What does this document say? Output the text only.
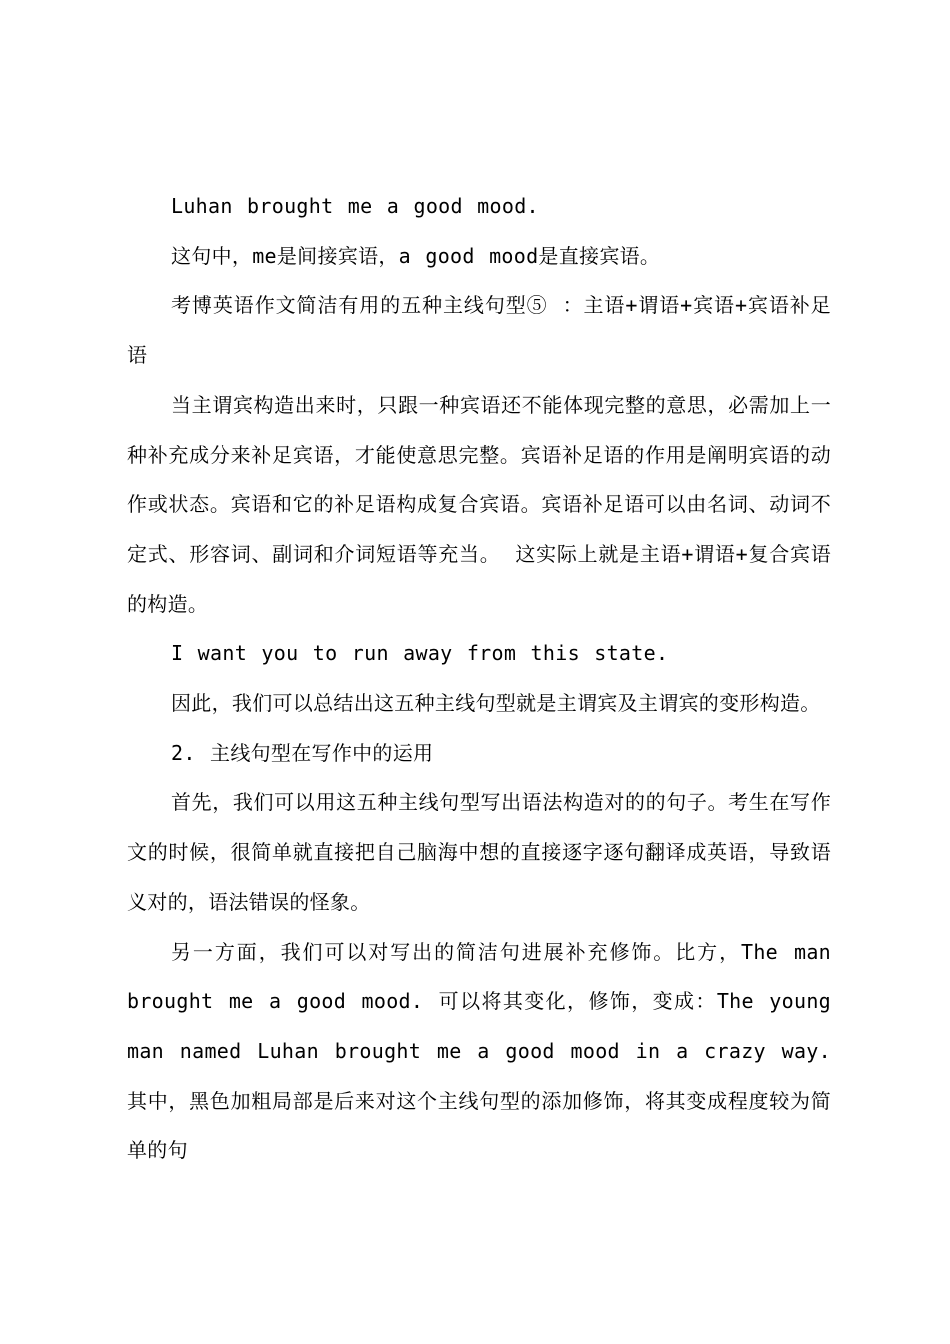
Luhan brought me a good mood.

这句中，me是间接宾语，a good mood是直接宾语。

考博英语作文简洁有用的五种主线句型⑤ ：主语+谓语+宾语+宾语补足语

当主谓宾构造出来时，只跟一种宾语还不能体现完整的意思，必需加上一种补充成分来补足宾语，才能使意思完整。宾语补足语的作用是阐明宾语的动作或状态。宾语和它的补足语构成复合宾语。宾语补足语可以由名词、动词不定式、形容词、副词和介词短语等充当。 这实际上就是主语+谓语+复合宾语的构造。

I want you to run away from this state.

因此，我们可以总结出这五种主线句型就是主谓宾及主谓宾的变形构造。

2. 主线句型在写作中的运用

首先，我们可以用这五种主线句型写出语法构造对的的句子。考生在写作文的时候，很简单就直接把自己脑海中想的直接逐字逐句翻译成英语，导致语义对的，语法错误的怪象。

另一方面，我们可以对写出的简洁句进展补充修饰。比方，The man brought me a good mood. 可以将其变化，修饰，变成：The young man named Luhan brought me a good mood in a crazy way. 其中，黑色加粗局部是后来对这个主线句型的添加修饰，将其变成程度较为简单的句
